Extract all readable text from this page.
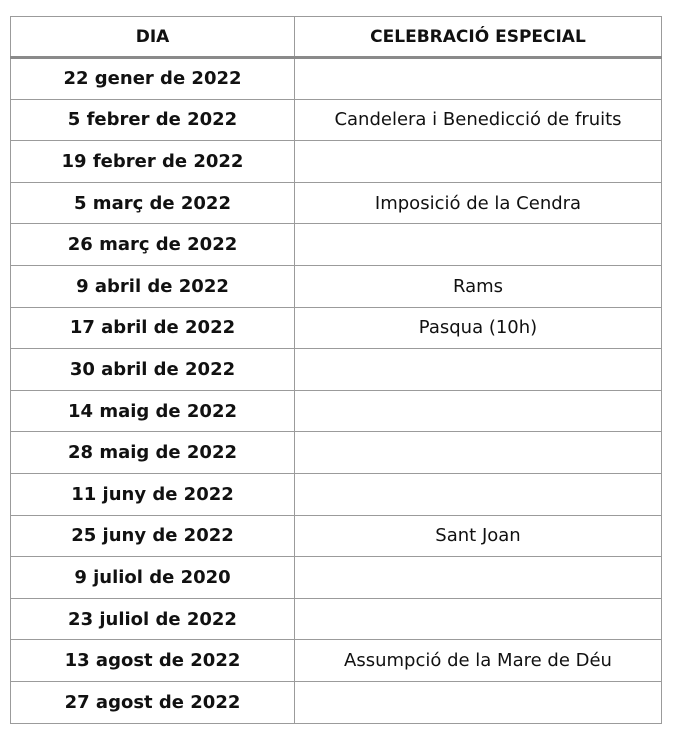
DIA	CELEBRACIÓ ESPECIAL
22 gener de 2022	
5 febrer de 2022	Candelera i Benedicció de fruits
19 febrer de 2022	
5 març de 2022	Imposició de la Cendra
26 març de 2022	
9 abril de 2022	Rams
17 abril de 2022	Pasqua (10h)
30 abril de 2022	
14 maig de 2022	
28 maig de 2022	
11 juny de 2022	
25 juny de 2022	Sant Joan
9 juliol de 2020	
23 juliol de 2022	
13 agost de 2022	Assumpció de la Mare de Déu
27 agost de 2022	
